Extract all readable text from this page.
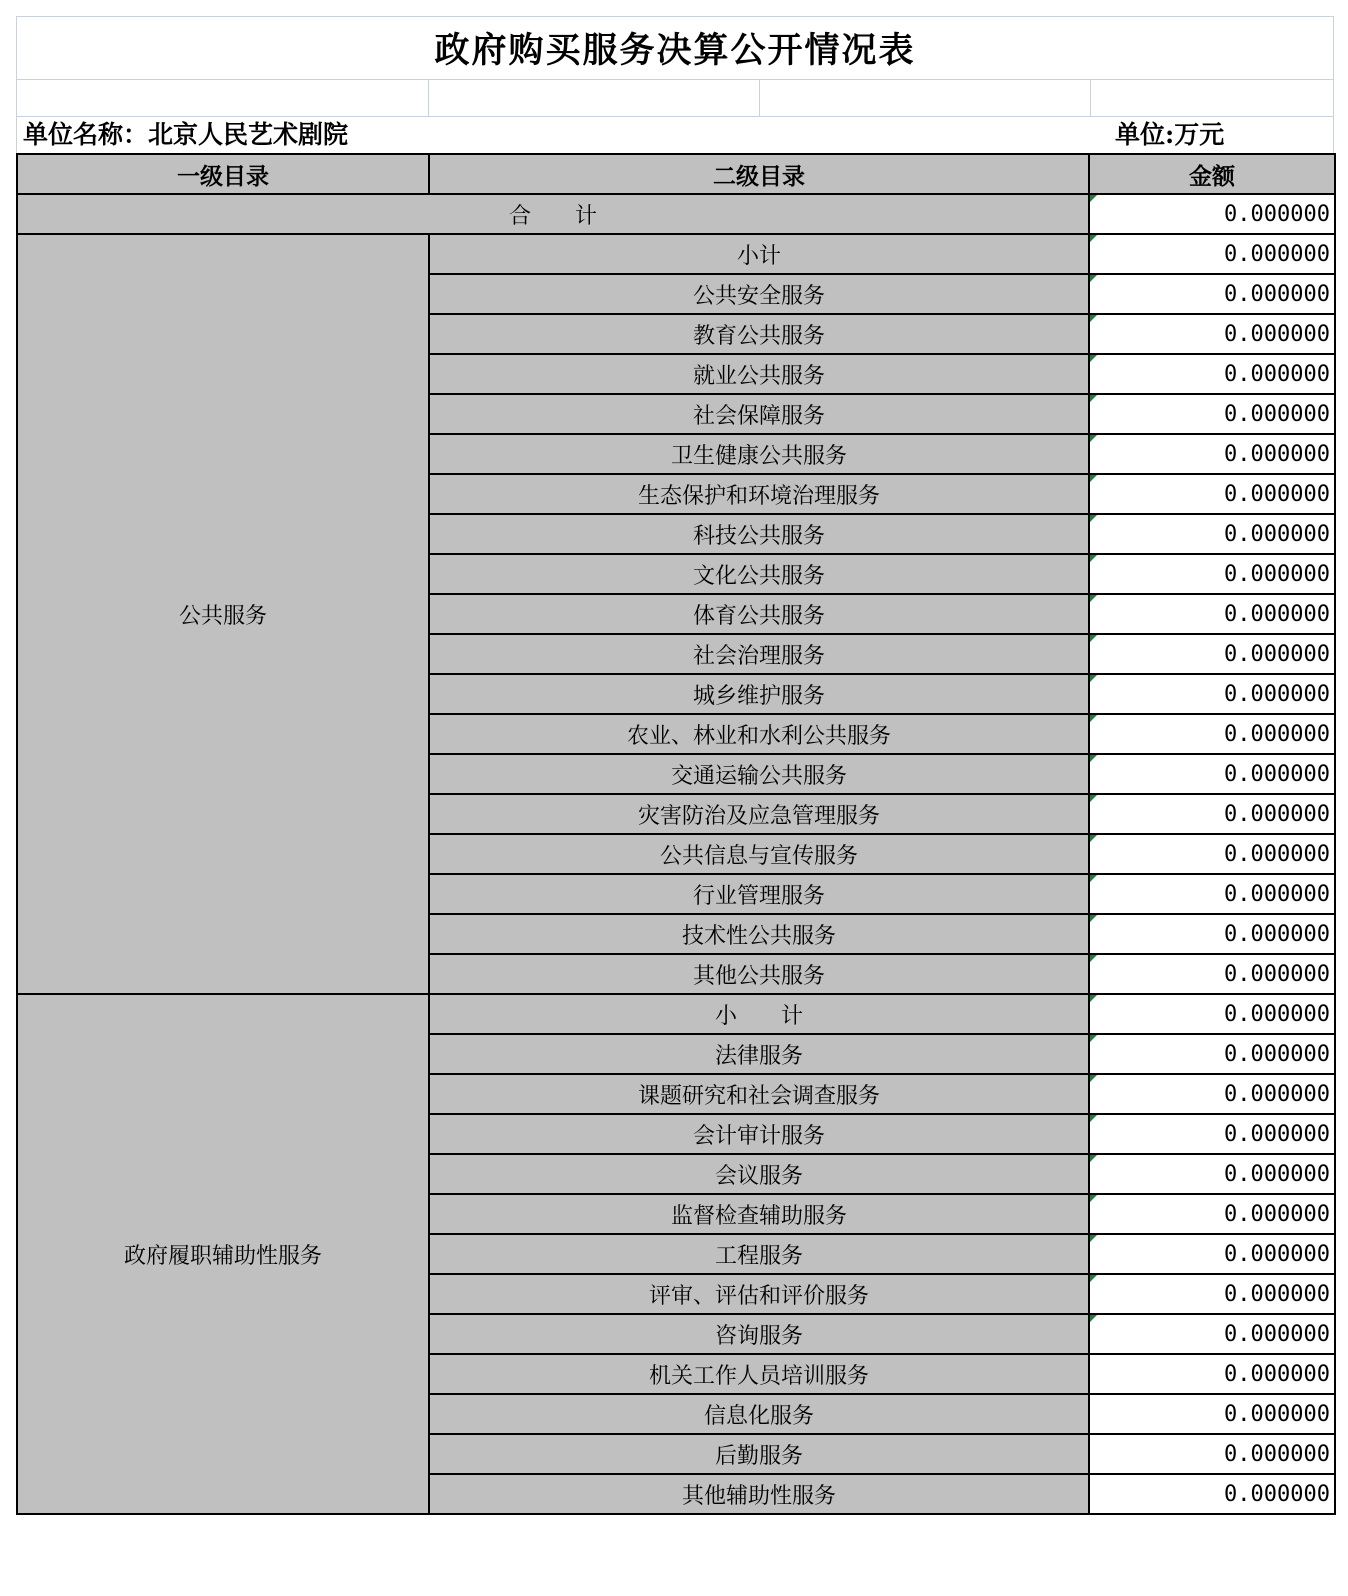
政府购买服务决算公开情况表
单位名称：北京人民艺术剧院	单位:万元
一级目录	二级目录	金额
合　　计		0.000000
公共服务	小计	0.000000
	公共安全服务	0.000000
	教育公共服务	0.000000
	就业公共服务	0.000000
	社会保障服务	0.000000
	卫生健康公共服务	0.000000
	生态保护和环境治理服务	0.000000
	科技公共服务	0.000000
	文化公共服务	0.000000
	体育公共服务	0.000000
	社会治理服务	0.000000
	城乡维护服务	0.000000
	农业、林业和水利公共服务	0.000000
	交通运输公共服务	0.000000
	灾害防治及应急管理服务	0.000000
	公共信息与宣传服务	0.000000
	行业管理服务	0.000000
	技术性公共服务	0.000000
	其他公共服务	0.000000
政府履职辅助性服务	小　　计	0.000000
	法律服务	0.000000
	课题研究和社会调查服务	0.000000
	会计审计服务	0.000000
	会议服务	0.000000
	监督检查辅助服务	0.000000
	工程服务	0.000000
	评审、评估和评价服务	0.000000
	咨询服务	0.000000
	机关工作人员培训服务	0.000000
	信息化服务	0.000000
	后勤服务	0.000000
	其他辅助性服务	0.000000
